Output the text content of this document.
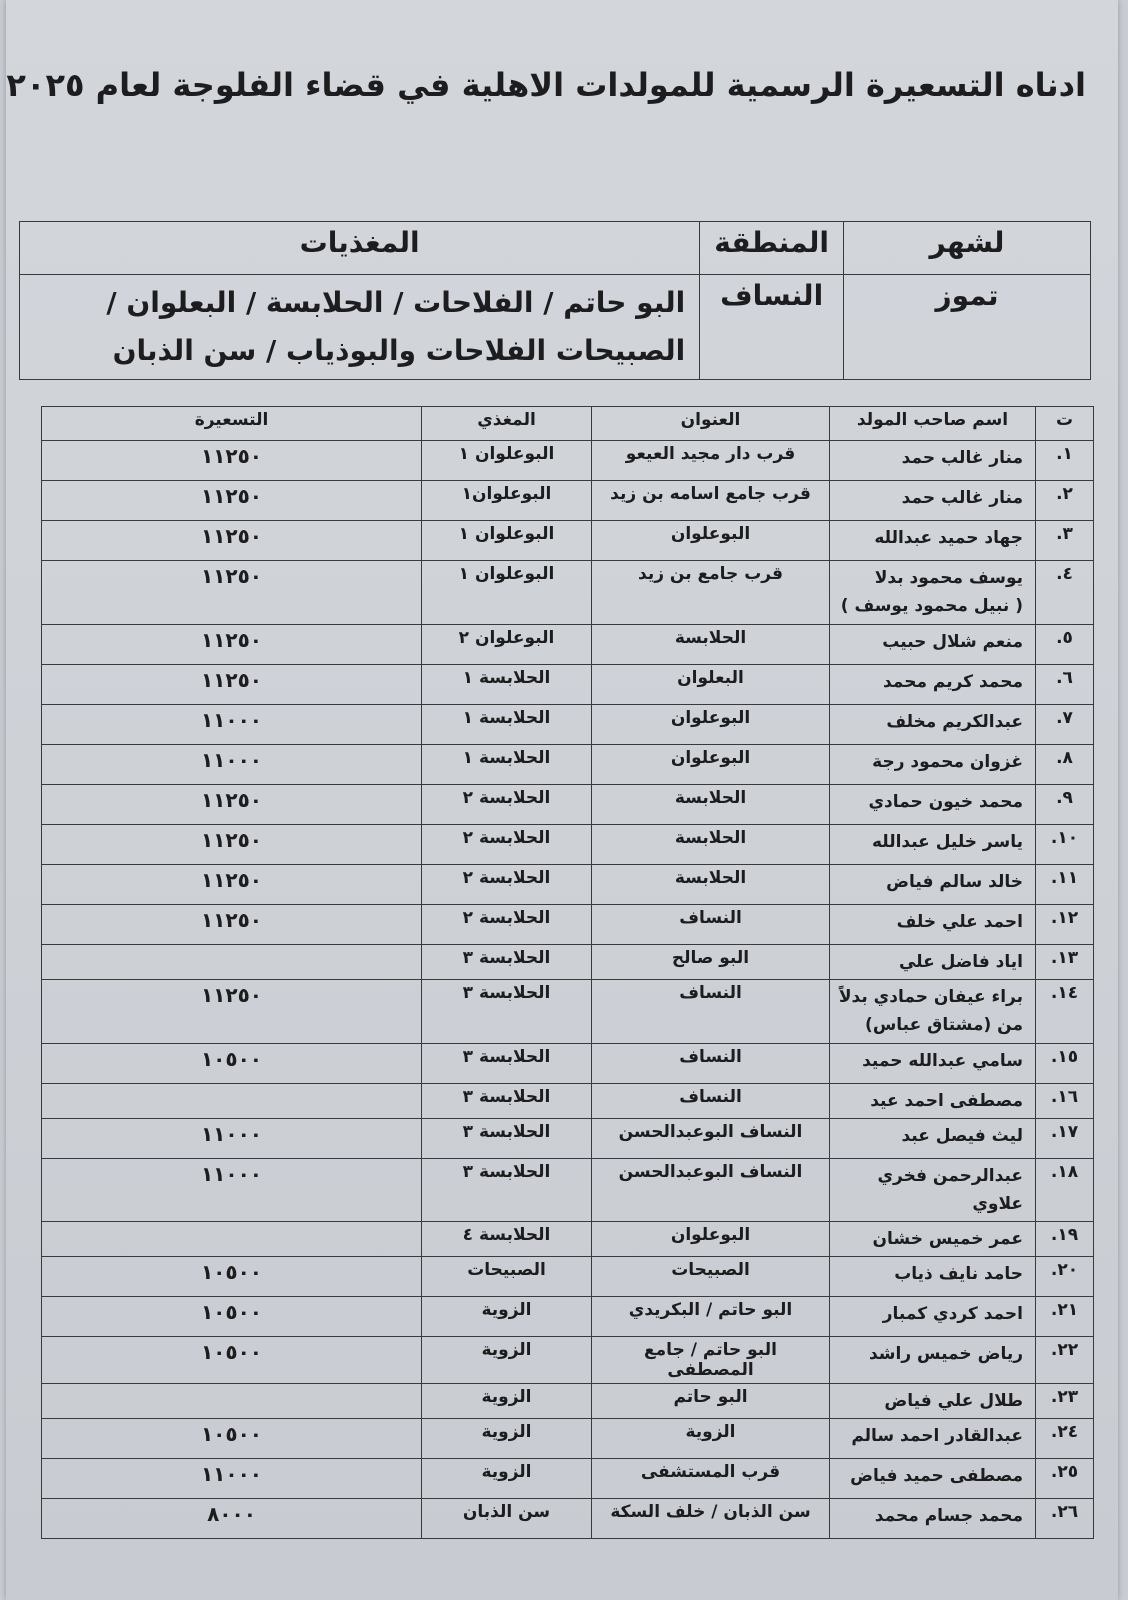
ادناه التسعيرة الرسمية للمولدات الاهلية في قضاء الفلوجة لعام ٢٠٢٥
لشهر	المنطقة	المغذيات
تموز	النساف	البو حاتم / الفلاحات / الحلابسة / البعلوان /
الصبيحات الفلاحات والبوذياب / سن الذبان
ت	اسم صاحب المولد	العنوان	المغذي	التسعيرة
١.	منار غالب حمد	قرب دار مجيد العيعو	البوعلوان ١	١١٢٥٠
٢.	منار غالب حمد	قرب جامع اسامه بن زيد	البوعلوان١	١١٢٥٠
٣.	جهاد حميد عبدالله	البوعلوان	البوعلوان ١	١١٢٥٠
٤.	يوسف محمود بدلا
( نبيل محمود يوسف )	قرب جامع بن زيد	البوعلوان ١	١١٢٥٠
٥.	منعم شلال حبيب	الحلابسة	البوعلوان ٢	١١٢٥٠
٦.	محمد كريم محمد	البعلوان	الحلابسة ١	١١٢٥٠
٧.	عبدالكريم مخلف	البوعلوان	الحلابسة ١	١١٠٠٠
٨.	غزوان محمود رجة	البوعلوان	الحلابسة ١	١١٠٠٠
٩.	محمد خيون حمادي	الحلابسة	الحلابسة ٢	١١٢٥٠
١٠.	ياسر خليل عبدالله	الحلابسة	الحلابسة ٢	١١٢٥٠
١١.	خالد سالم فياض	الحلابسة	الحلابسة ٢	١١٢٥٠
١٢.	احمد علي خلف	النساف	الحلابسة ٢	١١٢٥٠
١٣.	اياد فاضل علي	البو صالح	الحلابسة ٣	
١٤.	براء عيفان حمادي بدلاً
من (مشتاق عباس)	النساف	الحلابسة ٣	١١٢٥٠
١٥.	سامي عبدالله حميد	النساف	الحلابسة ٣	١٠٥٠٠
١٦.	مصطفى احمد عيد	النساف	الحلابسة ٣	
١٧.	ليث فيصل عبد	النساف البوعبدالحسن	الحلابسة ٣	١١٠٠٠
١٨.	عبدالرحمن فخري علاوي	النساف البوعبدالحسن	الحلابسة ٣	١١٠٠٠
١٩.	عمر خميس خشان	البوعلوان	الحلابسة ٤	
٢٠.	حامد نايف ذياب	الصبيحات	الصبيحات	١٠٥٠٠
٢١.	احمد كردي كمبار	البو حاتم / البكريدي	الزوية	١٠٥٠٠
٢٢.	رياض خميس راشد	البو حاتم / جامع المصطفى	الزوية	١٠٥٠٠
٢٣.	طلال علي فياض	البو حاتم	الزوية	
٢٤.	عبدالقادر احمد سالم	الزوية	الزوية	١٠٥٠٠
٢٥.	مصطفى حميد فياض	قرب المستشفى	الزوية	١١٠٠٠
٢٦.	محمد جسام محمد	سن الذبان / خلف السكة	سن الذبان	٨٠٠٠
